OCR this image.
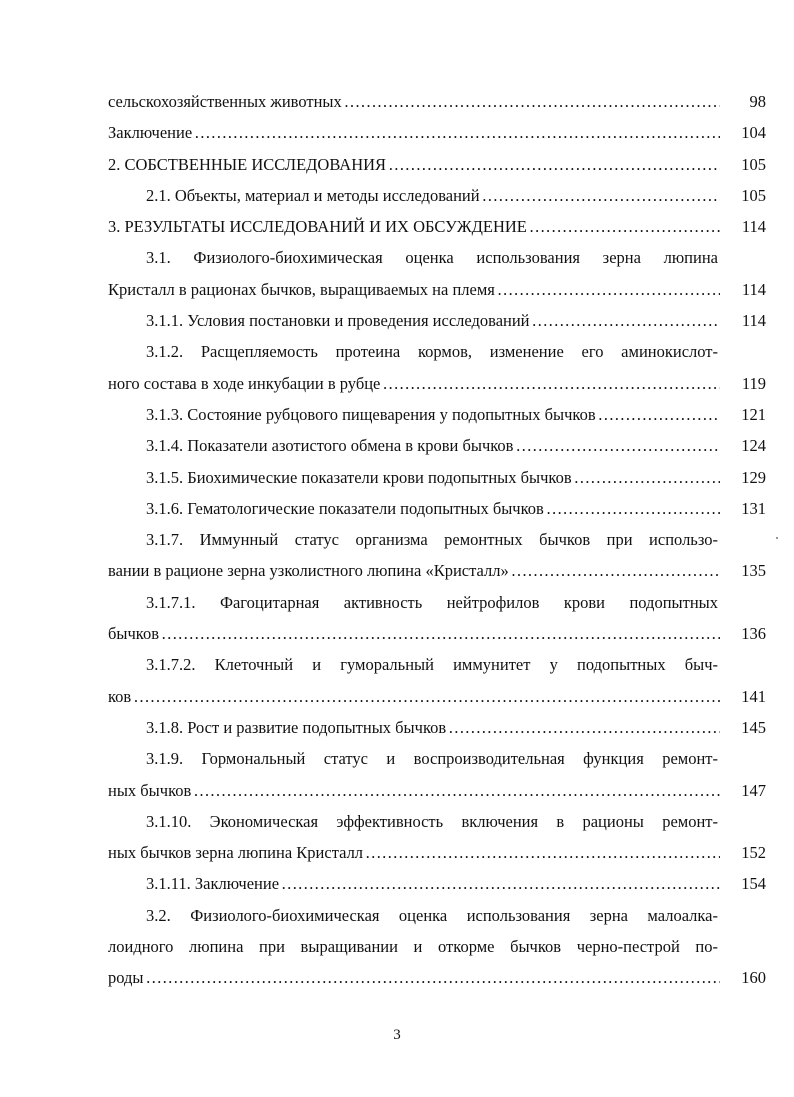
сельскохозяйственных животных ……………………………………………………………………………………………………………………………………………………	98
Заключение ……………………………………………………………………………………………………………………………………………………	104
2. СОБСТВЕННЫЕ ИССЛЕДОВАНИЯ ……………………………………………………………………………………………………………………………………………………	105
2.1. Объекты, материал и методы исследований ……………………………………………………………………………………………………………………………………………………	105
3. РЕЗУЛЬТАТЫ ИССЛЕДОВАНИЙ И ИХ ОБСУЖДЕНИЕ ……………………………………………………………………………………………………………………………………………………	114
3.1. Физиолого-биохимическая оценка использования зерна люпина
Кристалл в рационах бычков, выращиваемых на племя ……………………………………………………………………………………………………………………………………………………	114
3.1.1. Условия постановки и проведения исследований ……………………………………………………………………………………………………………………………………………………	114
3.1.2. Расщепляемость протеина кормов, изменение его аминокислот-
ного состава в ходе инкубации в рубце ……………………………………………………………………………………………………………………………………………………	119
3.1.3. Состояние рубцового пищеварения у подопытных бычков ……………………………………………………………………………………………………………………………………………………	121
3.1.4. Показатели азотистого обмена в крови бычков ……………………………………………………………………………………………………………………………………………………	124
3.1.5. Биохимические показатели крови подопытных бычков ……………………………………………………………………………………………………………………………………………………	129
3.1.6. Гематологические показатели подопытных бычков ……………………………………………………………………………………………………………………………………………………	131
3.1.7. Иммунный статус организма ремонтных бычков при использо-
вании в рационе зерна узколистного люпина «Кристалл» ……………………………………………………………………………………………………………………………………………………	135
3.1.7.1. Фагоцитарная активность нейтрофилов крови подопытных
бычков ……………………………………………………………………………………………………………………………………………………	136
3.1.7.2. Клеточный и гуморальный иммунитет у подопытных быч-
ков ……………………………………………………………………………………………………………………………………………………	141
3.1.8. Рост и развитие подопытных бычков ……………………………………………………………………………………………………………………………………………………	145
3.1.9. Гормональный статус и воспроизводительная функция ремонт-
ных бычков ……………………………………………………………………………………………………………………………………………………	147
3.1.10. Экономическая эффективность включения в рационы ремонт-
ных бычков зерна люпина Кристалл ……………………………………………………………………………………………………………………………………………………	152
3.1.11. Заключение ……………………………………………………………………………………………………………………………………………………	154
3.2. Физиолого-биохимическая оценка использования зерна малоалка-
лоидного люпина при выращивании и откорме бычков черно-пестрой по-
роды ……………………………………………………………………………………………………………………………………………………	160
3
